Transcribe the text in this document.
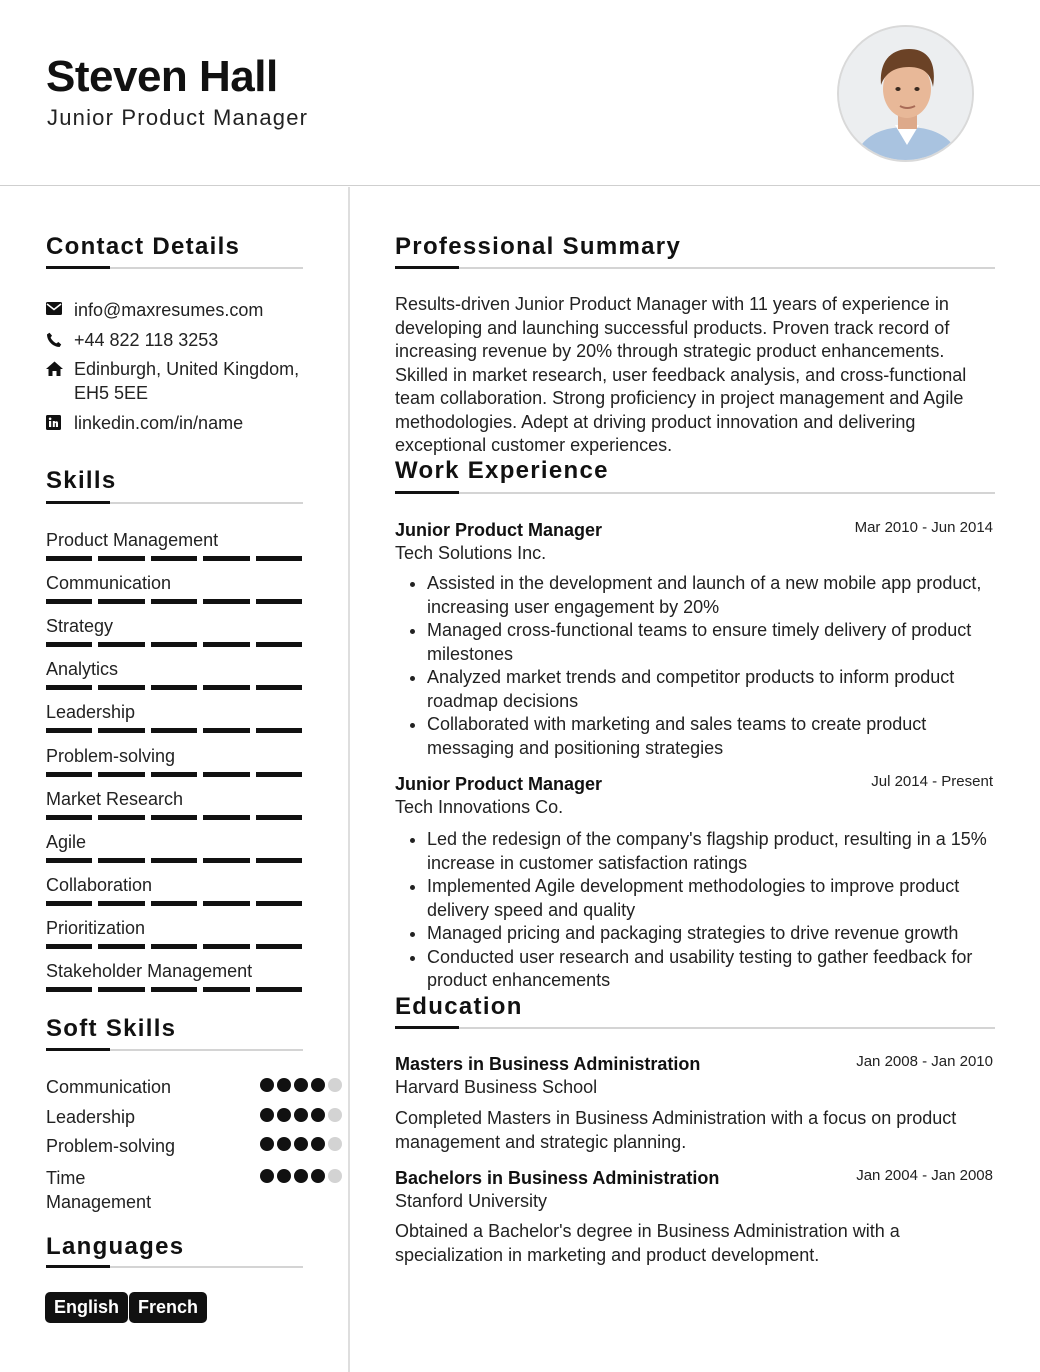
Steven Hall
Junior Product Manager
Contact Details
info@maxresumes.com
+44 822 118 3253
Edinburgh, United Kingdom, EH5 5EE
linkedin.com/in/name
Skills
Product Management
Communication
Strategy
Analytics
Leadership
Problem-solving
Market Research
Agile
Collaboration
Prioritization
Stakeholder Management
Soft Skills
Communication
Leadership
Problem-solving
Time Management
Languages
English	French
Professional Summary
Results-driven Junior Product Manager with 11 years of experience in developing and launching successful products. Proven track record of increasing revenue by 20% through strategic product enhancements. Skilled in market research, user feedback analysis, and cross-functional team collaboration. Strong proficiency in project management and Agile methodologies. Adept at driving product innovation and delivering exceptional customer experiences.
Work Experience
Junior Product Manager	Mar 2010 - Jun 2014
Tech Solutions Inc.
Assisted in the development and launch of a new mobile app product, increasing user engagement by 20%
Managed cross-functional teams to ensure timely delivery of product milestones
Analyzed market trends and competitor products to inform product roadmap decisions
Collaborated with marketing and sales teams to create product messaging and positioning strategies
Junior Product Manager	Jul 2014 - Present
Tech Innovations Co.
Led the redesign of the company's flagship product, resulting in a 15% increase in customer satisfaction ratings
Implemented Agile development methodologies to improve product delivery speed and quality
Managed pricing and packaging strategies to drive revenue growth
Conducted user research and usability testing to gather feedback for product enhancements
Education
Masters in Business Administration	Jan 2008 - Jan 2010
Harvard Business School
Completed Masters in Business Administration with a focus on product management and strategic planning.
Bachelors in Business Administration	Jan 2004 - Jan 2008
Stanford University
Obtained a Bachelor's degree in Business Administration with a specialization in marketing and product development.
